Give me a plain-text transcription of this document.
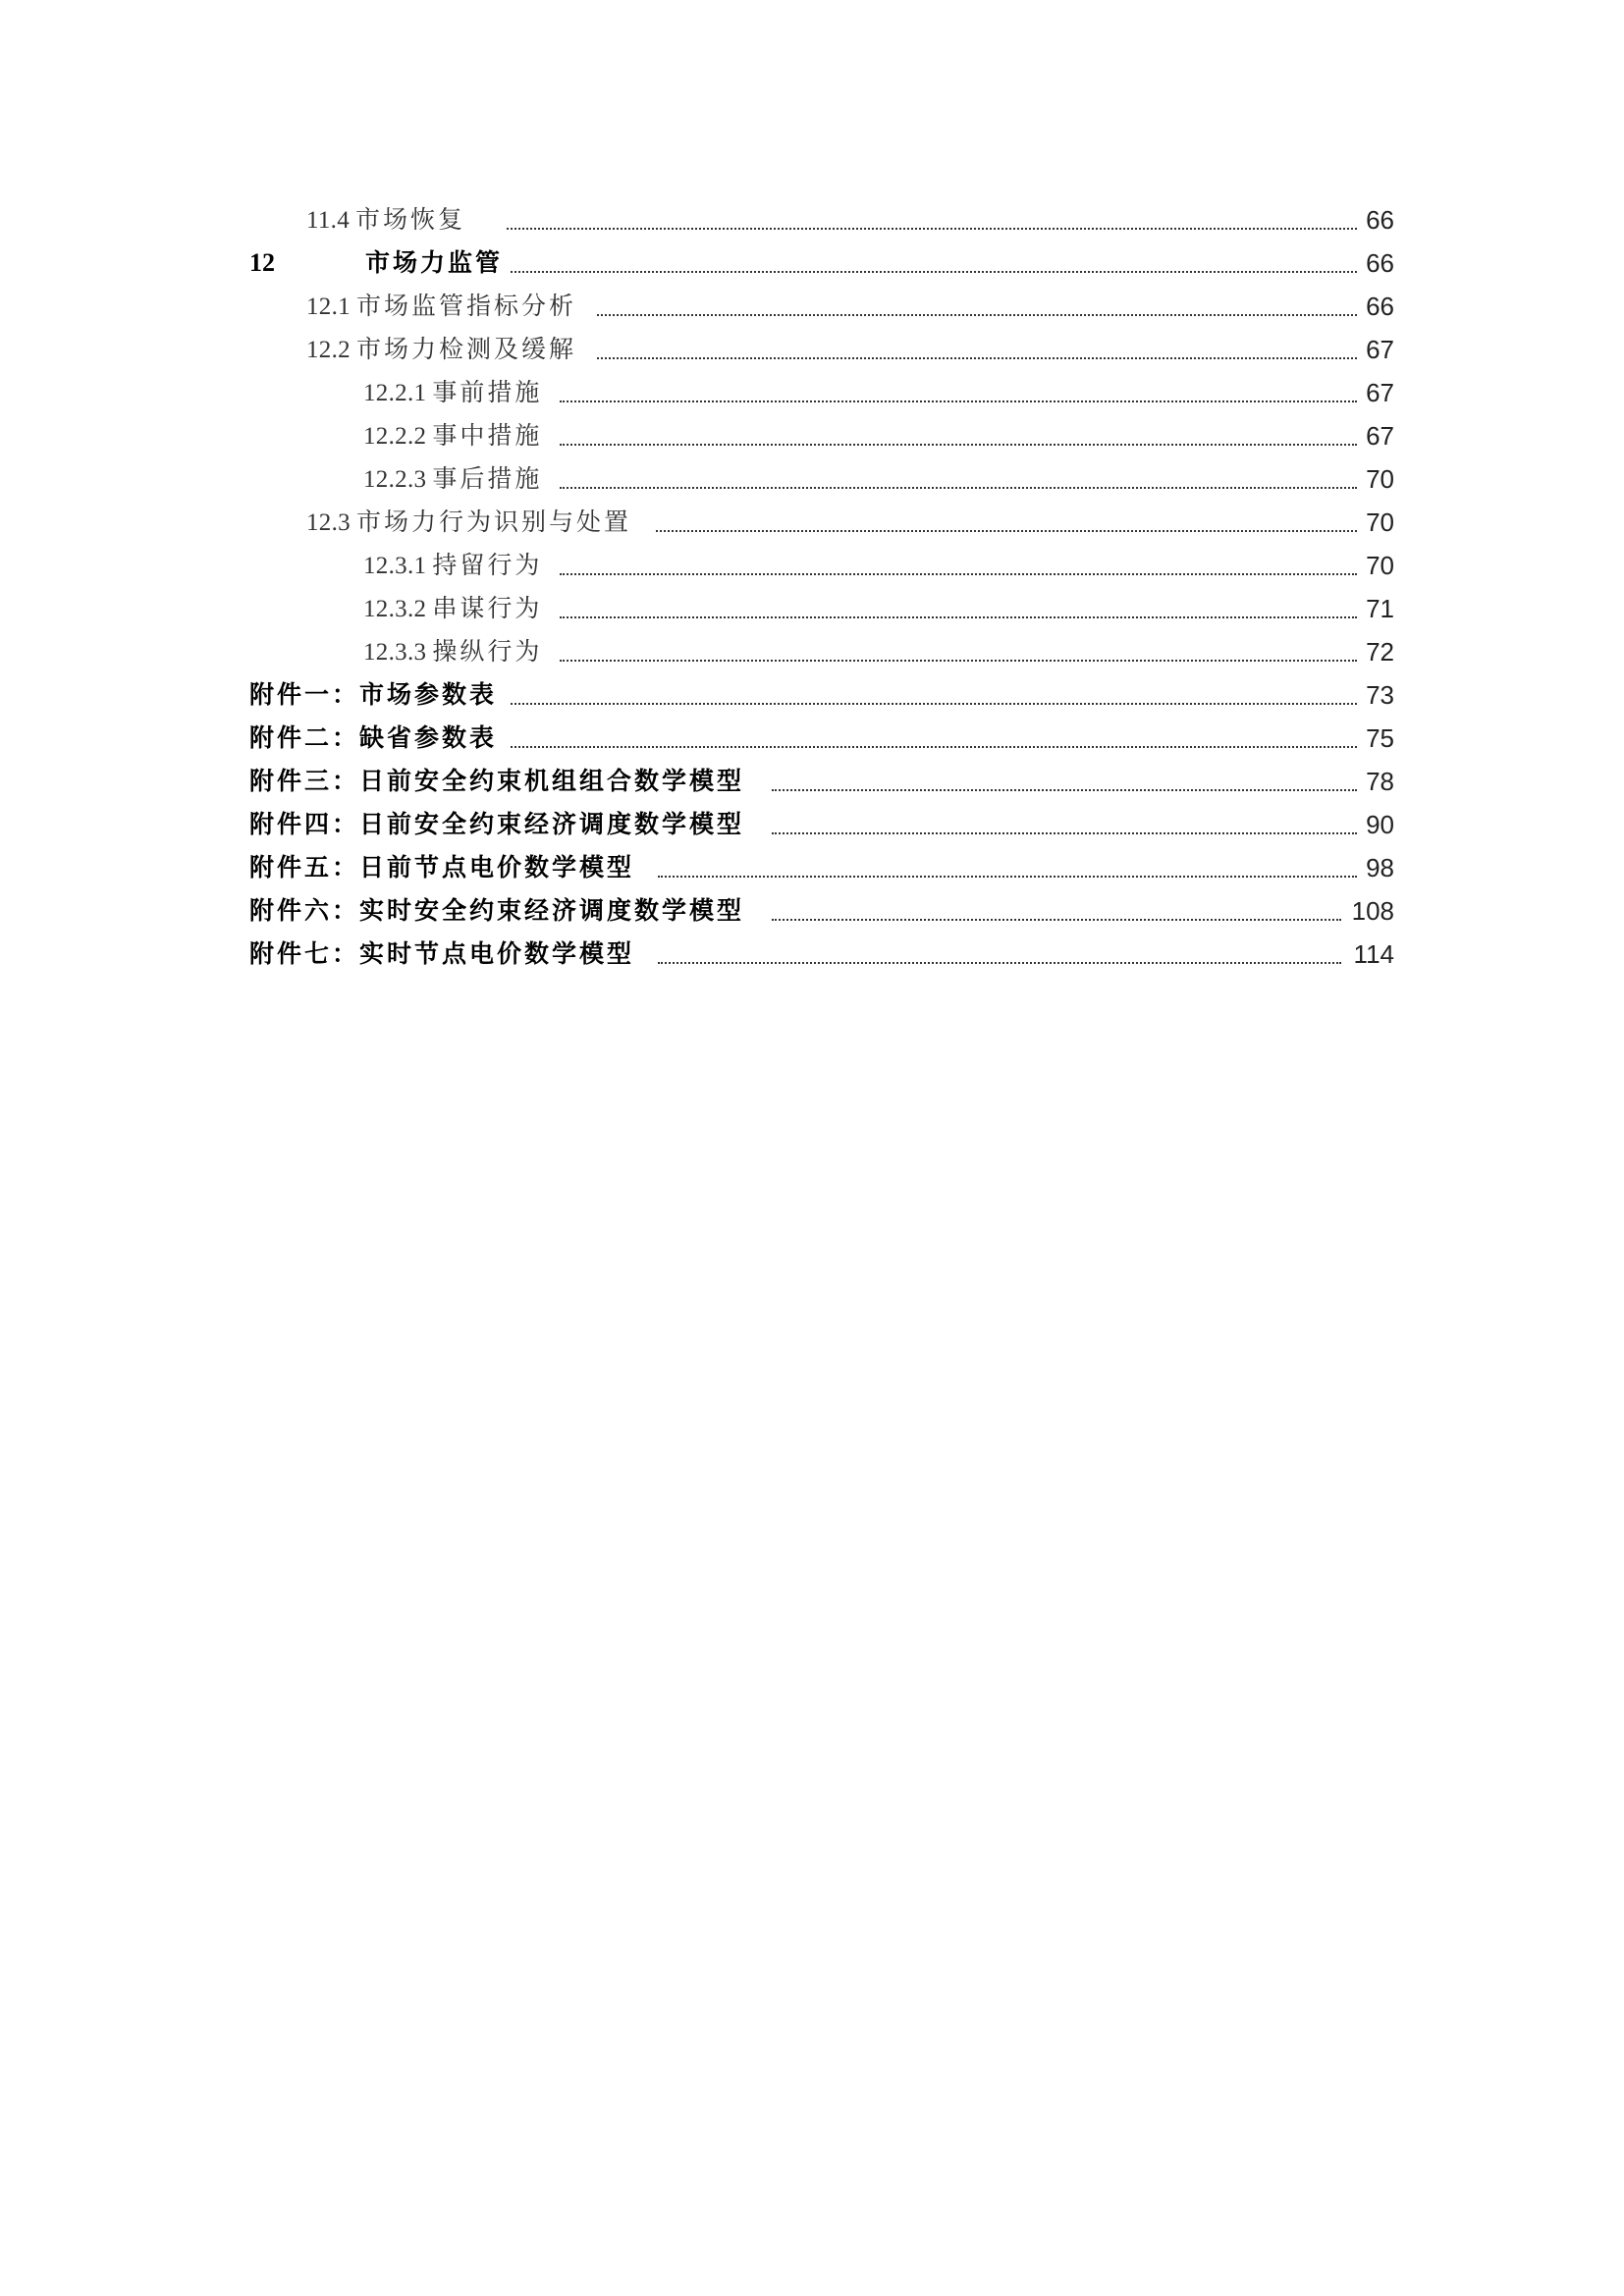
11.4 市场恢复	66
12	市场力监管	66
12.1 市场监管指标分析	66
12.2 市场力检测及缓解	67
12.2.1 事前措施	67
12.2.2 事中措施	67
12.2.3 事后措施	70
12.3 市场力行为识别与处置	70
12.3.1 持留行为	70
12.3.2 串谋行为	71
12.3.3 操纵行为	72
附件一：市场参数表	73
附件二：缺省参数表	75
附件三：日前安全约束机组组合数学模型	78
附件四：日前安全约束经济调度数学模型	90
附件五：日前节点电价数学模型	98
附件六：实时安全约束经济调度数学模型	108
附件七：实时节点电价数学模型	114
